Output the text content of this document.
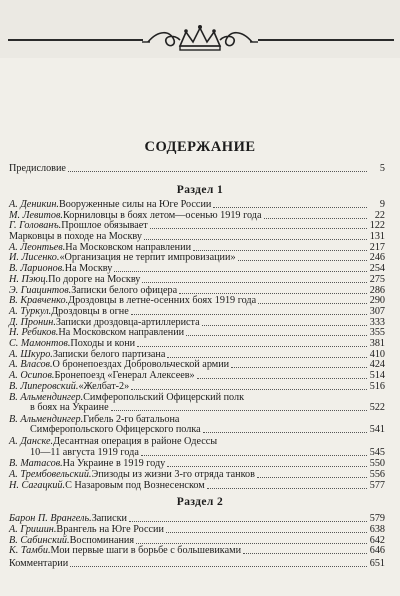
СОДЕРЖАНИЕ
Предисловие	5
Раздел 1
А. Деникин. Вооруженные силы на Юге России	9
М. Левитов. Корниловцы в боях летом—осенью 1919 года	22
Г. Голованъ. Прошлое обязывает	122
Марковцы в походе на Москву	131
А. Леонтьев. На Московском направлении	217
И. Лисенко. «Организация не терпит импровизации»	246
В. Ларионов. На Москву	254
Н. Пэюц. По дороге на Москву	275
Э. Гиацинтов. Записки белого офицера	286
В. Кравченко. Дроздовцы в летне-осенних боях 1919 года	290
А. Туркул. Дроздовцы в огне	307
Д. Пронин. Записки дроздовца-артиллериста	333
Н. Ребиков. На Московском направлении	355
С. Мамонтов. Походы и кони	381
А. Шкуро. Записки белого партизана	410
А. Власов. О бронепоездах Добровольческой армии	424
А. Осипов. Бронепоезд «Генерал Алексеев»	514
В. Липеровский. «Желбат-2»	516
В. Альмендингер. Симферопольский Офицерский полк
в боях на Украине	522
В. Альмендингер. Гибель 2-го батальона
Симферопольского Офицерского полка	541
А. Данске. Десантная операция в районе Одессы
10—11 августа 1919 года	545
В. Матасов. На Украине в 1919 году	550
А. Трембовельский. Эпизоды из жизни 3-го отряда танков	556
Н. Сагацкий. С Назаровым под Вознесенском	577
Раздел 2
Барон П. Врангель. Записки	579
А. Гришин. Врангель на Юге России	638
В. Сабинский. Воспоминания	642
К. Тамби. Мои первые шаги в борьбе с большевиками	646
Комментарии	651
